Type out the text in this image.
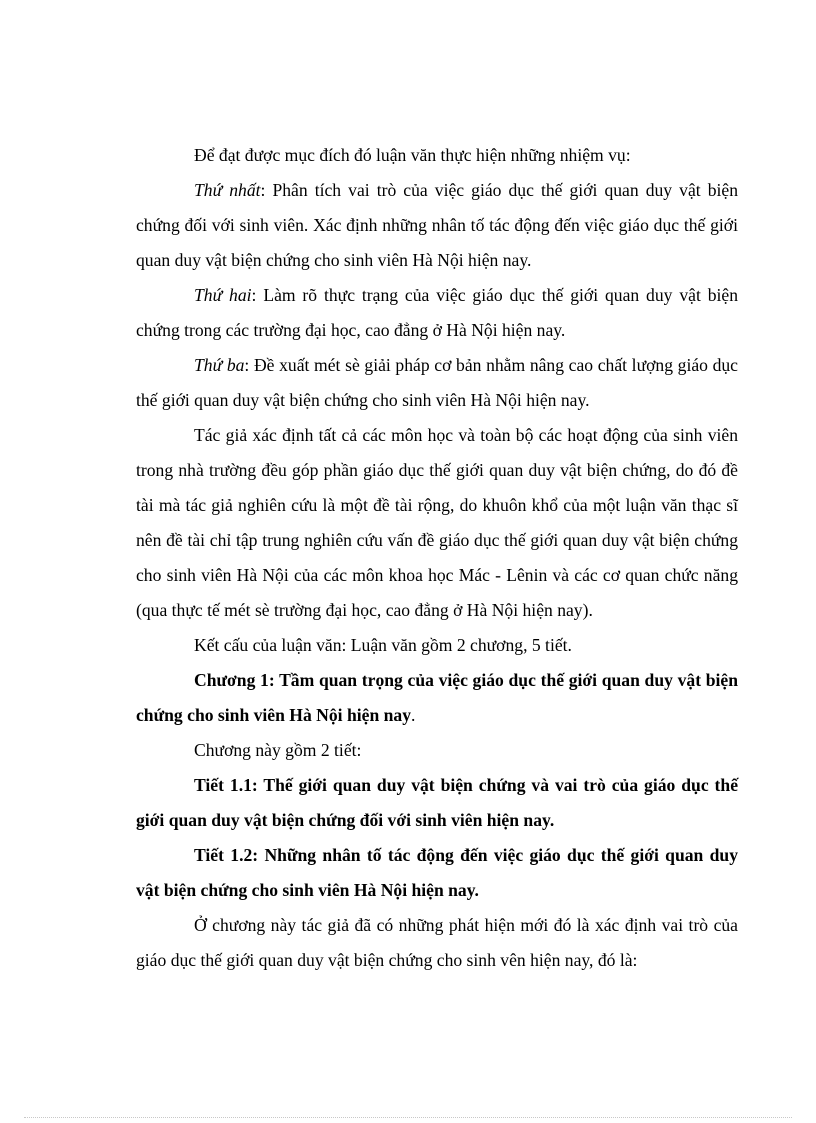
Để đạt được mục đích đó luận văn thực hiện những nhiệm vụ:

Thứ nhất: Phân tích vai trò của việc giáo dục thế giới quan duy vật biện chứng đối với sinh viên. Xác định những nhân tố tác động đến việc giáo dục thế giới quan duy vật biện chứng cho sinh viên Hà Nội hiện nay.

Thứ hai: Làm rõ thực trạng của việc giáo dục thế giới quan duy vật biện chứng trong các trường đại học, cao đẳng ở Hà Nội hiện nay.

Thứ ba: Đề xuất mét sè giải pháp cơ bản nhằm nâng cao chất lượng giáo dục thế giới quan duy vật biện chứng cho sinh viên Hà Nội hiện nay.

Tác giả xác định tất cả các môn học và toàn bộ các hoạt động của sinh viên trong nhà trường đều góp phần giáo dục thế giới quan duy vật biện chứng, do đó đề tài mà tác giả nghiên cứu là một đề tài rộng, do khuôn khổ của một luận văn thạc sĩ nên đề tài chỉ tập trung nghiên cứu vấn đề giáo dục thế giới quan duy vật biện chứng cho sinh viên Hà Nội của các môn khoa học Mác - Lênin và các cơ quan chức năng (qua thực tế mét sè trường đại học, cao đẳng ở Hà Nội hiện nay).

Kết cấu của luận văn: Luận văn gồm 2 chương, 5 tiết.

Chương 1: Tầm quan trọng của việc giáo dục thế giới quan duy vật biện chứng cho sinh viên Hà Nội hiện nay.

Chương này gồm 2 tiết:

Tiết 1.1: Thế giới quan duy vật biện chứng và vai trò của giáo dục thế giới quan duy vật biện chứng đối với sinh viên hiện nay.

Tiết 1.2: Những nhân tố tác động đến việc giáo dục thế giới quan duy vật biện chứng cho sinh viên Hà Nội hiện nay.

Ở chương này tác giả đã có những phát hiện mới đó là xác định vai trò của giáo dục thế giới quan duy vật biện chứng cho sinh vên hiện nay, đó là:
